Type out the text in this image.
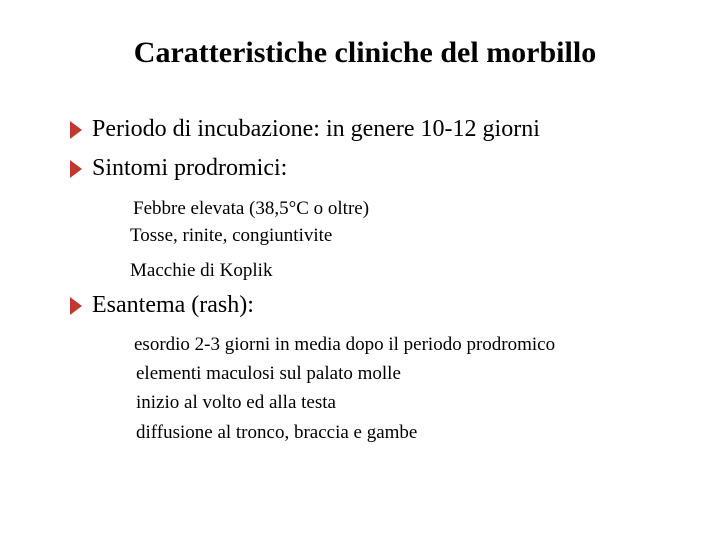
Caratteristiche cliniche del morbillo
Periodo di incubazione: in genere 10-12 giorni
Sintomi prodromici:
Febbre elevata (38,5°C o oltre)
Tosse, rinite, congiuntivite
Macchie di Koplik
Esantema (rash):
esordio 2-3 giorni in media dopo il periodo prodromico
elementi maculosi sul palato molle
inizio al volto ed alla testa
diffusione al tronco, braccia e gambe
